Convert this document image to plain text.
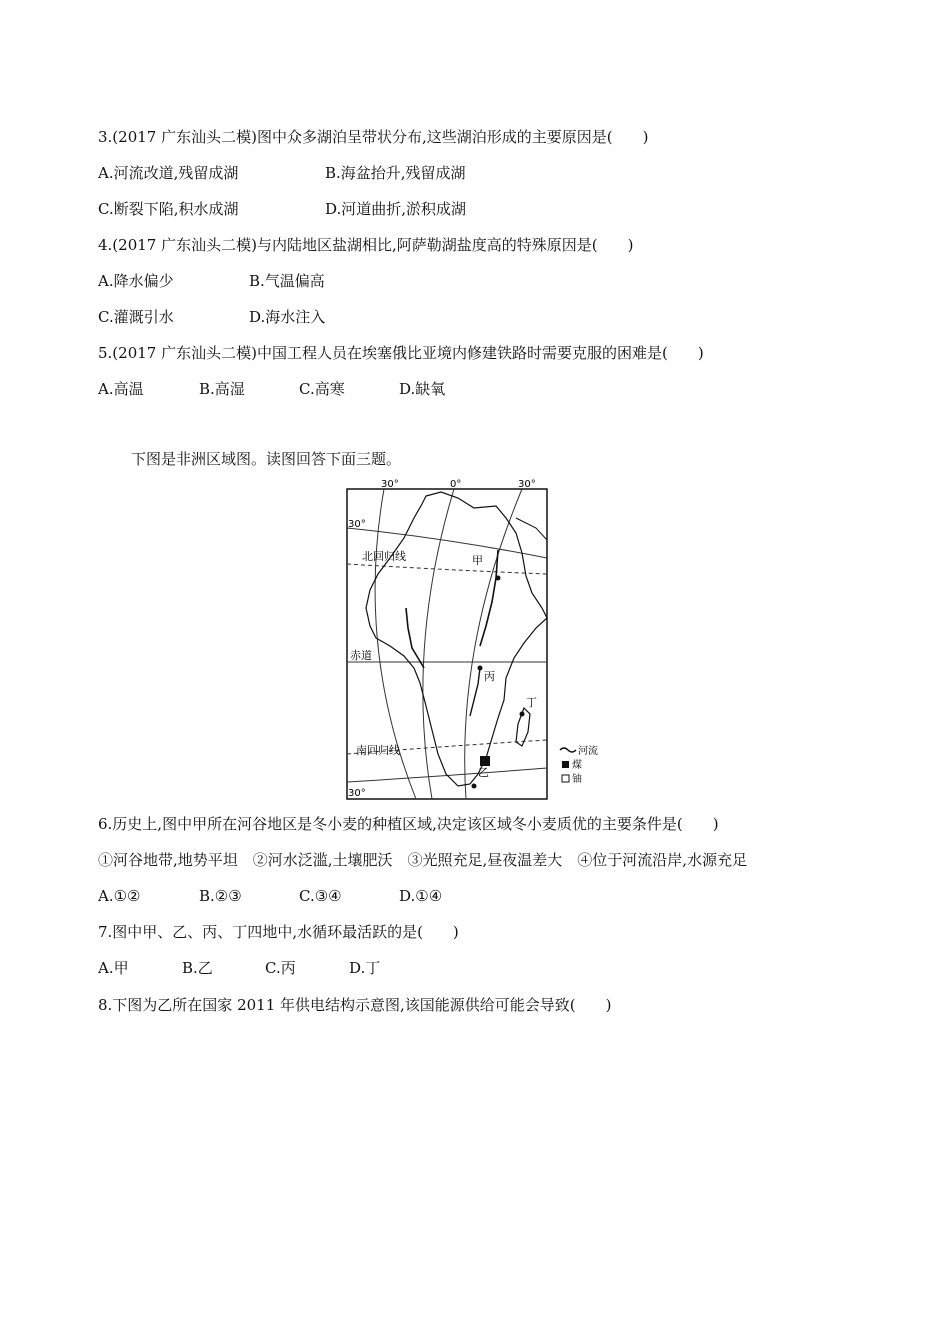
3.(2017 广东汕头二模)图中众多湖泊呈带状分布,这些湖泊形成的主要原因是(　　)
A.河流改道,残留成湖	B.海盆抬升,残留成湖
C.断裂下陷,积水成湖	D.河道曲折,淤积成湖
4.(2017 广东汕头二模)与内陆地区盐湖相比,阿萨勒湖盐度高的特殊原因是(　　)
A.降水偏少	B.气温偏高
C.灌溉引水	D.海水注入
5.(2017 广东汕头二模)中国工程人员在埃塞俄比亚境内修建铁路时需要克服的困难是(　　)
A.高温	B.高湿	C.高寒	D.缺氧
下图是非洲区域图。读图回答下面三题。
30°	0°	30°
30°
30°
北回归线
赤道
南回归线
甲
丙
丁
乙
河流
煤
铀
6.历史上,图中甲所在河谷地区是冬小麦的种植区域,决定该区域冬小麦质优的主要条件是(　　)
①河谷地带,地势平坦　②河水泛滥,土壤肥沃　③光照充足,昼夜温差大　④位于河流沿岸,水源充足
A.①②	B.②③	C.③④	D.①④
7.图中甲、乙、丙、丁四地中,水循环最活跃的是(　　)
A.甲	B.乙	C.丙	D.丁
8.下图为乙所在国家 2011 年供电结构示意图,该国能源供给可能会导致(　　)
